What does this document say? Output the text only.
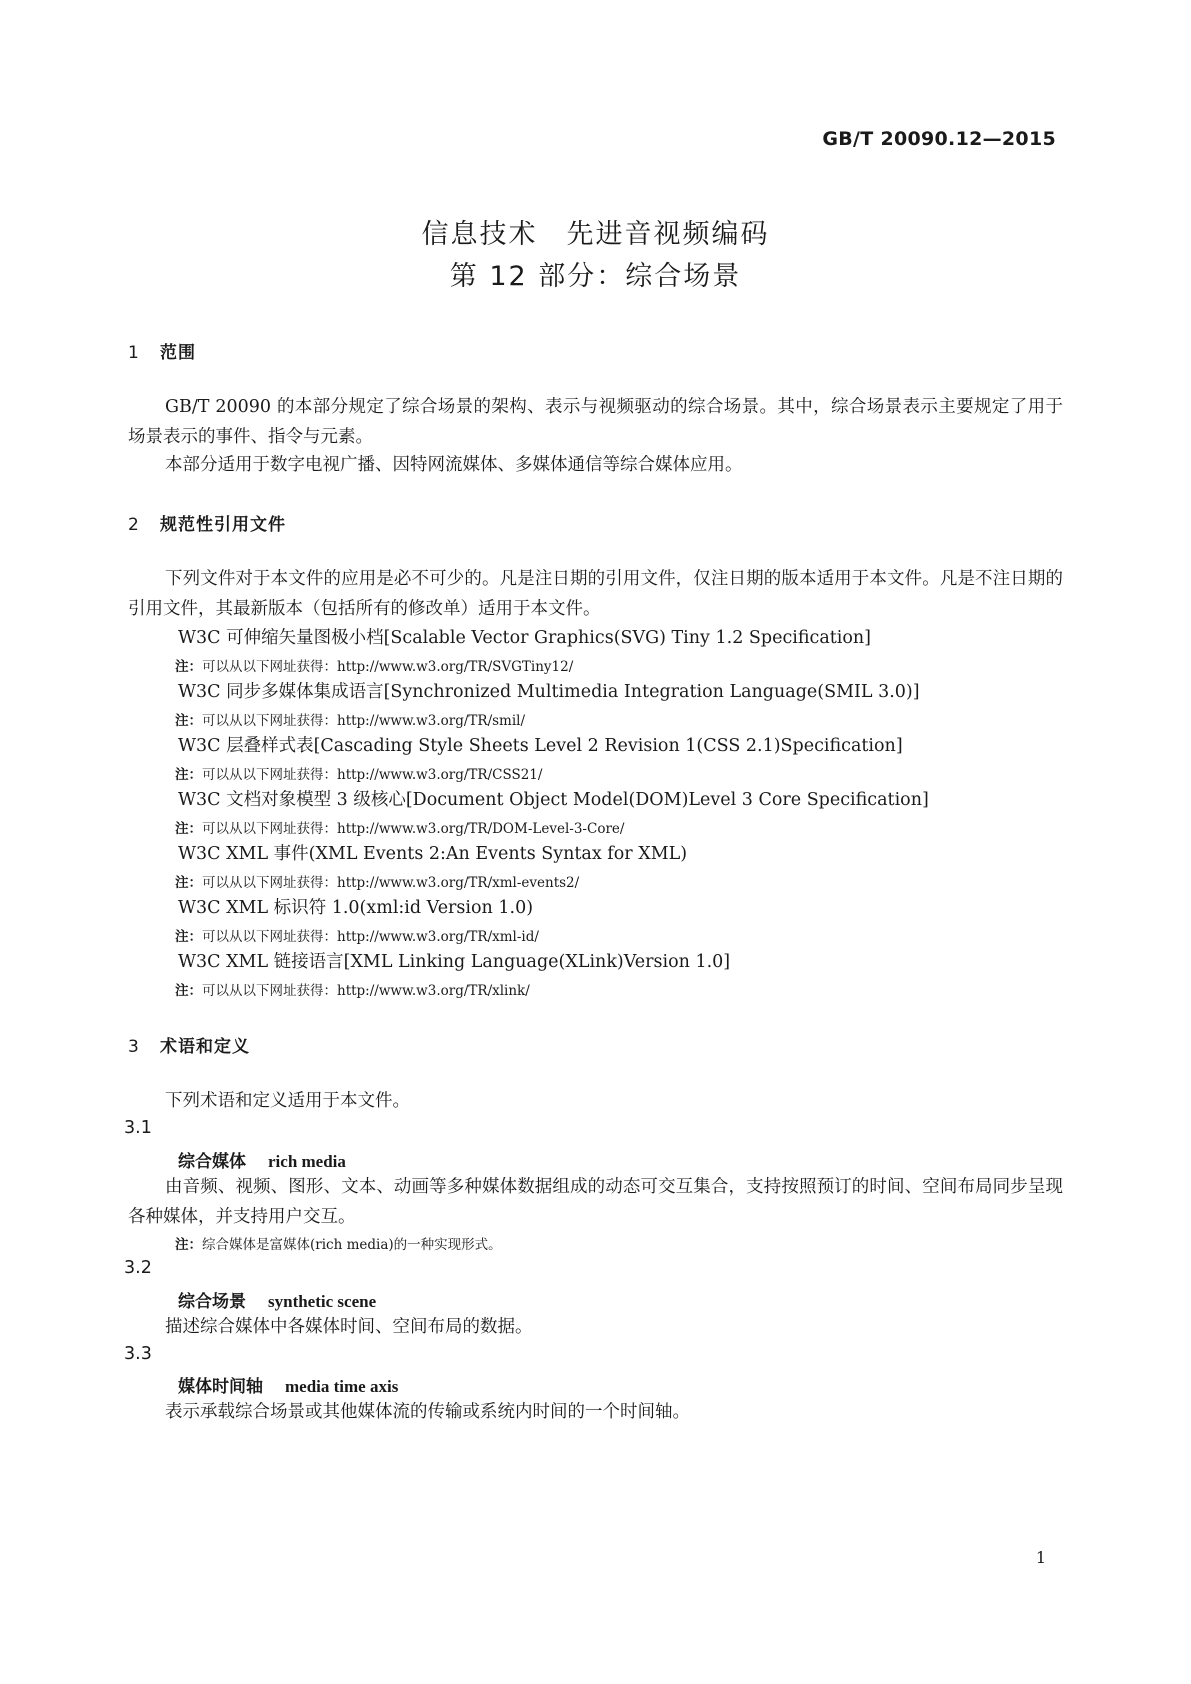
GB/T 20090.12—2015
信息技术　先进音视频编码
第 12 部分：综合场景
1 范围
GB/T 20090 的本部分规定了综合场景的架构、表示与视频驱动的综合场景。其中，综合场景表示主要规定了用于场景表示的事件、指令与元素。
本部分适用于数字电视广播、因特网流媒体、多媒体通信等综合媒体应用。
2 规范性引用文件
下列文件对于本文件的应用是必不可少的。凡是注日期的引用文件，仅注日期的版本适用于本文件。凡是不注日期的引用文件，其最新版本（包括所有的修改单）适用于本文件。
W3C 可伸缩矢量图极小档[Scalable Vector Graphics(SVG) Tiny 1.2 Specification]
注：可以从以下网址获得：http://www.w3.org/TR/SVGTiny12/
W3C 同步多媒体集成语言[Synchronized Multimedia Integration Language(SMIL 3.0)]
注：可以从以下网址获得：http://www.w3.org/TR/smil/
W3C 层叠样式表[Cascading Style Sheets Level 2 Revision 1(CSS 2.1)Specification]
注：可以从以下网址获得：http://www.w3.org/TR/CSS21/
W3C 文档对象模型 3 级核心[Document Object Model(DOM)Level 3 Core Specification]
注：可以从以下网址获得：http://www.w3.org/TR/DOM-Level-3-Core/
W3C XML 事件(XML Events 2:An Events Syntax for XML)
注：可以从以下网址获得：http://www.w3.org/TR/xml-events2/
W3C XML 标识符 1.0(xml:id Version 1.0)
注：可以从以下网址获得：http://www.w3.org/TR/xml-id/
W3C XML 链接语言[XML Linking Language(XLink)Version 1.0]
注：可以从以下网址获得：http://www.w3.org/TR/xlink/
3 术语和定义
下列术语和定义适用于本文件。
3.1
综合媒体 rich media
由音频、视频、图形、文本、动画等多种媒体数据组成的动态可交互集合，支持按照预订的时间、空间布局同步呈现各种媒体，并支持用户交互。
注：综合媒体是富媒体(rich media)的一种实现形式。
3.2
综合场景 synthetic scene
描述综合媒体中各媒体时间、空间布局的数据。
3.3
媒体时间轴 media time axis
表示承载综合场景或其他媒体流的传输或系统内时间的一个时间轴。
1
